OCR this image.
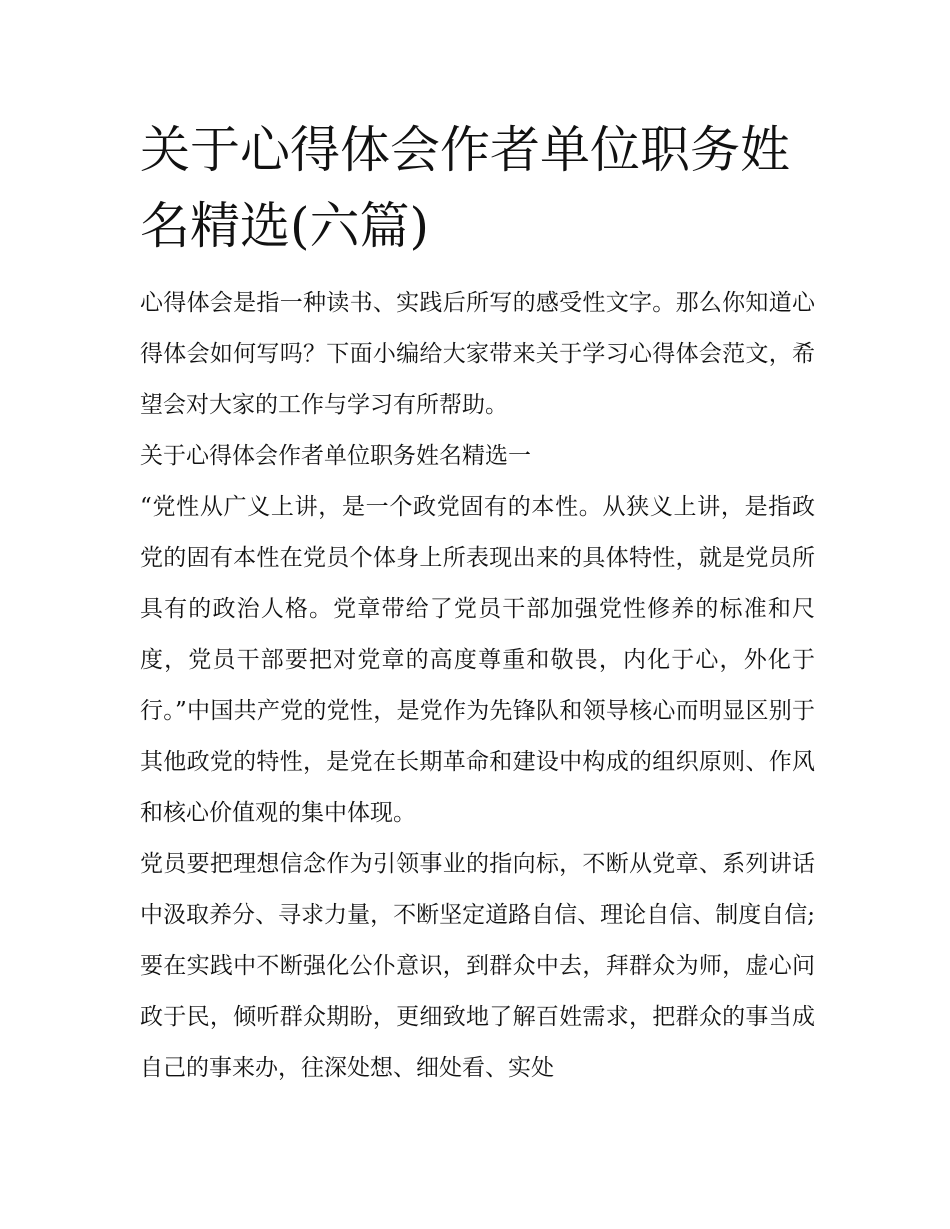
关于心得体会作者单位职务姓名精选(六篇)

心得体会是指一种读书、实践后所写的感受性文字。那么你知道心得体会如何写吗？下面小编给大家带来关于学习心得体会范文，希望会对大家的工作与学习有所帮助。

关于心得体会作者单位职务姓名精选一

“党性从广义上讲，是一个政党固有的本性。从狭义上讲，是指政党的固有本性在党员个体身上所表现出来的具体特性，就是党员所具有的政治人格。党章带给了党员干部加强党性修养的标准和尺度，党员干部要把对党章的高度尊重和敬畏，内化于心，外化于行。”中国共产党的党性，是党作为先锋队和领导核心而明显区别于其他政党的特性，是党在长期革命和建设中构成的组织原则、作风和核心价值观的集中体现。

党员要把理想信念作为引领事业的指向标，不断从党章、系列讲话中汲取养分、寻求力量，不断坚定道路自信、理论自信、制度自信;要在实践中不断强化公仆意识，到群众中去，拜群众为师，虚心问政于民，倾听群众期盼，更细致地了解百姓需求，把群众的事当成自己的事来办，往深处想、细处看、实处
